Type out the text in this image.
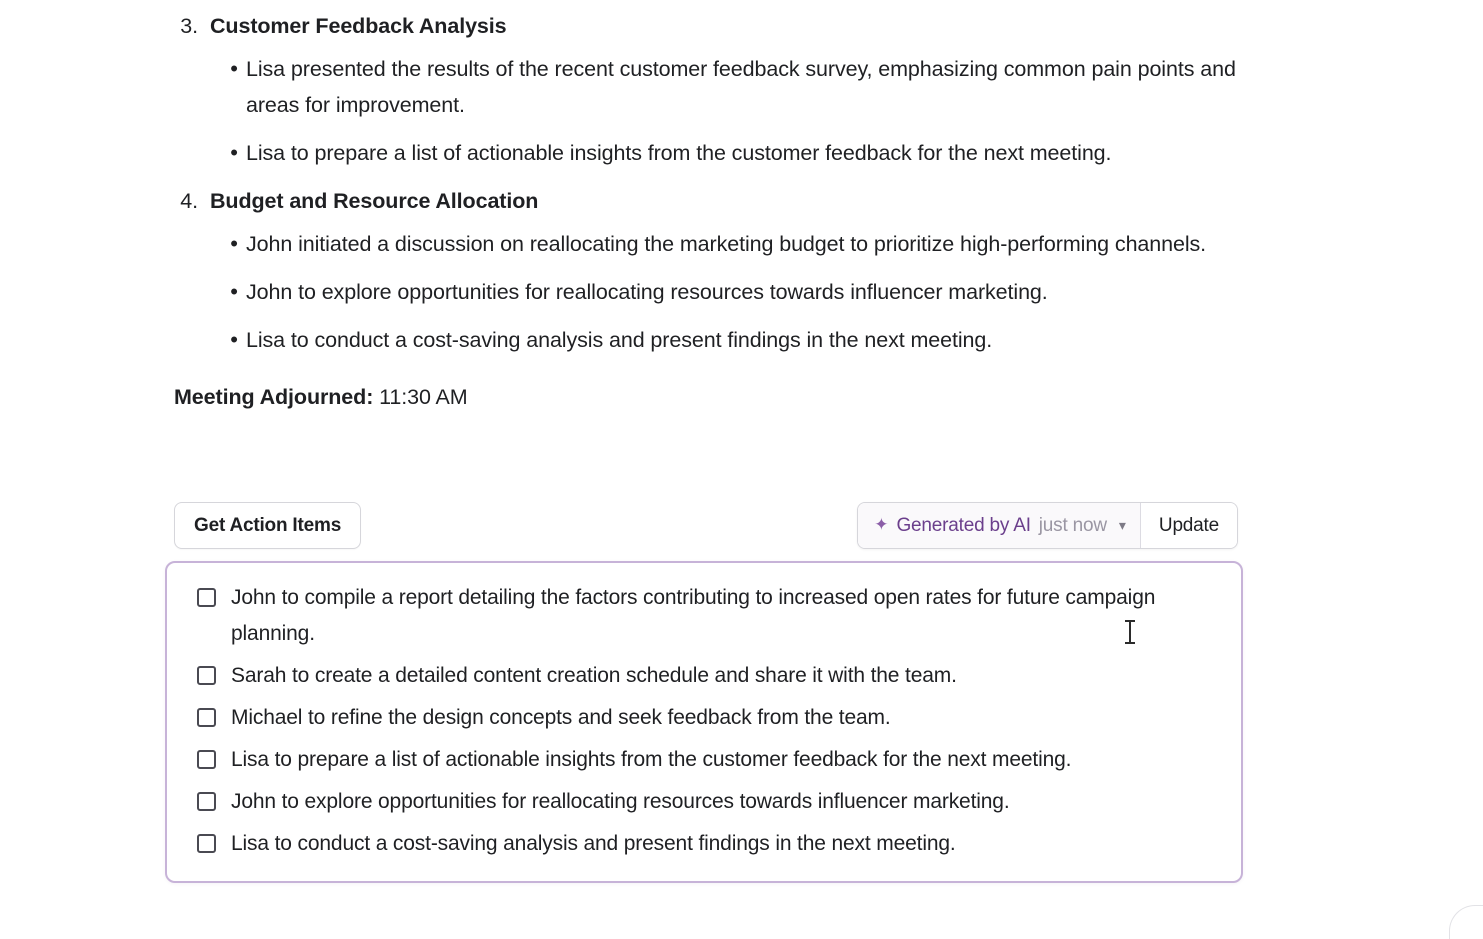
3. Customer Feedback Analysis
• Lisa presented the results of the recent customer feedback survey, emphasizing common pain points and areas for improvement.
• Lisa to prepare a list of actionable insights from the customer feedback for the next meeting.
4. Budget and Resource Allocation
• John initiated a discussion on reallocating the marketing budget to prioritize high-performing channels.
• John to explore opportunities for reallocating resources towards influencer marketing.
• Lisa to conduct a cost-saving analysis and present findings in the next meeting.
Meeting Adjourned: 11:30 AM
Get Action Items	✦ Generated by AI just now ▾	Update
John to compile a report detailing the factors contributing to increased open rates for future campaign planning.
Sarah to create a detailed content creation schedule and share it with the team.
Michael to refine the design concepts and seek feedback from the team.
Lisa to prepare a list of actionable insights from the customer feedback for the next meeting.
John to explore opportunities for reallocating resources towards influencer marketing.
Lisa to conduct a cost-saving analysis and present findings in the next meeting.
